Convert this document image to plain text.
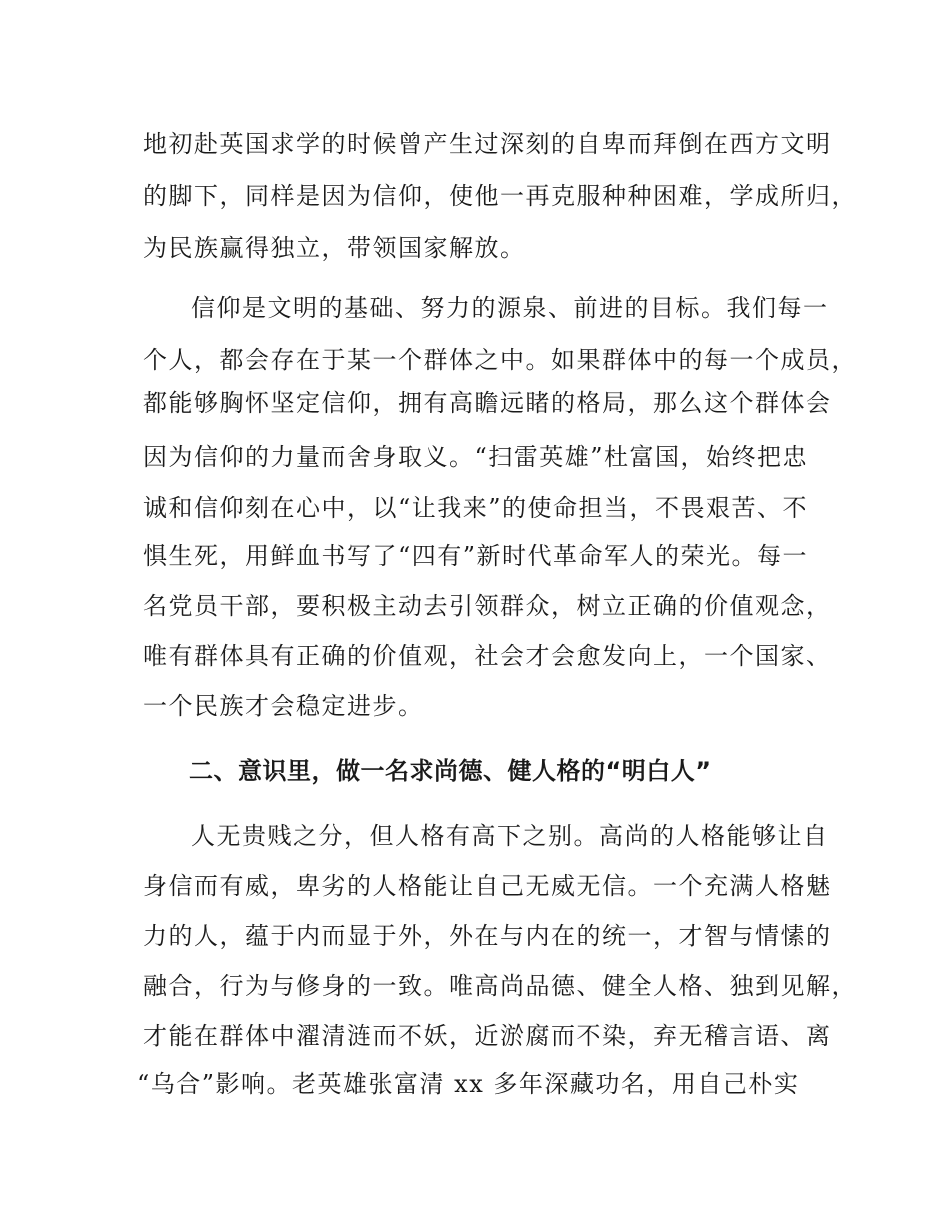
地初赴英国求学的时候曾产生过深刻的自卑而拜倒在西方文明
的脚下，同样是因为信仰，使他一再克服种种困难，学成所归，
为民族赢得独立，带领国家解放。
信仰是文明的基础、努力的源泉、前进的目标。我们每一
个人，都会存在于某一个群体之中。如果群体中的每一个成员，
都能够胸怀坚定信仰，拥有高瞻远睹的格局，那么这个群体会
因为信仰的力量而舍身取义。“扫雷英雄”杜富国，始终把忠
诚和信仰刻在心中，以“让我来”的使命担当，不畏艰苦、不
惧生死，用鲜血书写了“四有”新时代革命军人的荣光。每一
名党员干部，要积极主动去引领群众，树立正确的价值观念，
唯有群体具有正确的价值观，社会才会愈发向上，一个国家、
一个民族才会稳定进步。
二、意识里，做一名求尚德、健人格的“明白人”
人无贵贱之分，但人格有高下之别。高尚的人格能够让自
身信而有威，卑劣的人格能让自己无威无信。一个充满人格魅
力的人，蕴于内而显于外，外在与内在的统一，才智与情愫的
融合，行为与修身的一致。唯高尚品德、健全人格、独到见解，
才能在群体中濯清涟而不妖，近淤腐而不染，弃无稽言语、离
“乌合”影响。老英雄张富清 xx 多年深藏功名，用自己朴实
